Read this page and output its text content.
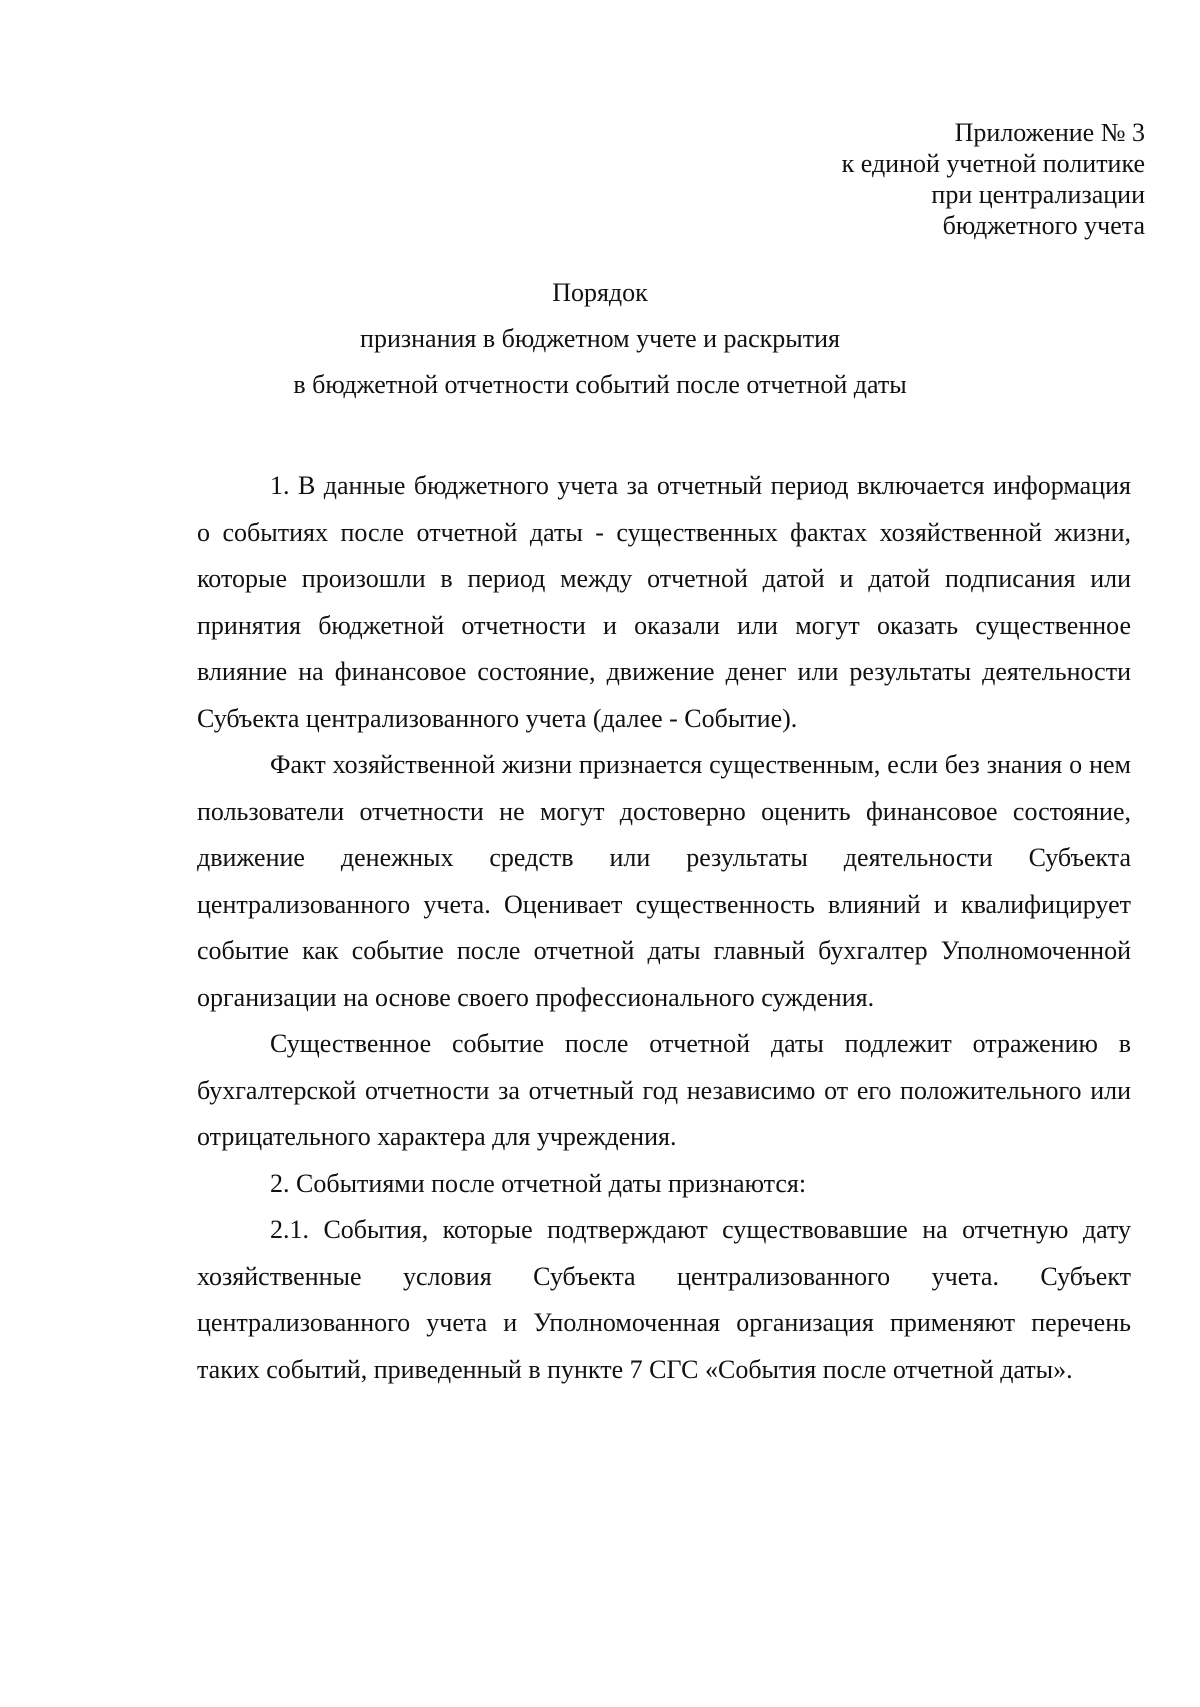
Приложение № 3
к единой учетной политике
при централизации
бюджетного учета
Порядок
признания в бюджетном учете и раскрытия
в бюджетной отчетности событий после отчетной даты

1. В данные бюджетного учета за отчетный период включается информация о событиях после отчетной даты - существенных фактах хозяйственной жизни, которые произошли в период между отчетной датой и датой подписания или принятия бюджетной отчетности и оказали или могут оказать существенное влияние на финансовое состояние, движение денег или результаты деятельности Субъекта централизованного учета (далее - Событие).

Факт хозяйственной жизни признается существенным, если без знания о нем пользователи отчетности не могут достоверно оценить финансовое состояние, движение денежных средств или результаты деятельности Субъекта централизованного учета. Оценивает существенность влияний и квалифицирует событие как событие после отчетной даты главный бухгалтер Уполномоченной организации на основе своего профессионального суждения.

Существенное событие после отчетной даты подлежит отражению в бухгалтерской отчетности за отчетный год независимо от его положительного или отрицательного характера для учреждения.

2. Событиями после отчетной даты признаются:

2.1. События, которые подтверждают существовавшие на отчетную дату хозяйственные условия Субъекта централизованного учета. Субъект централизованного учета и Уполномоченная организация применяют перечень таких событий, приведенный в пункте 7 СГС «События после отчетной даты».
